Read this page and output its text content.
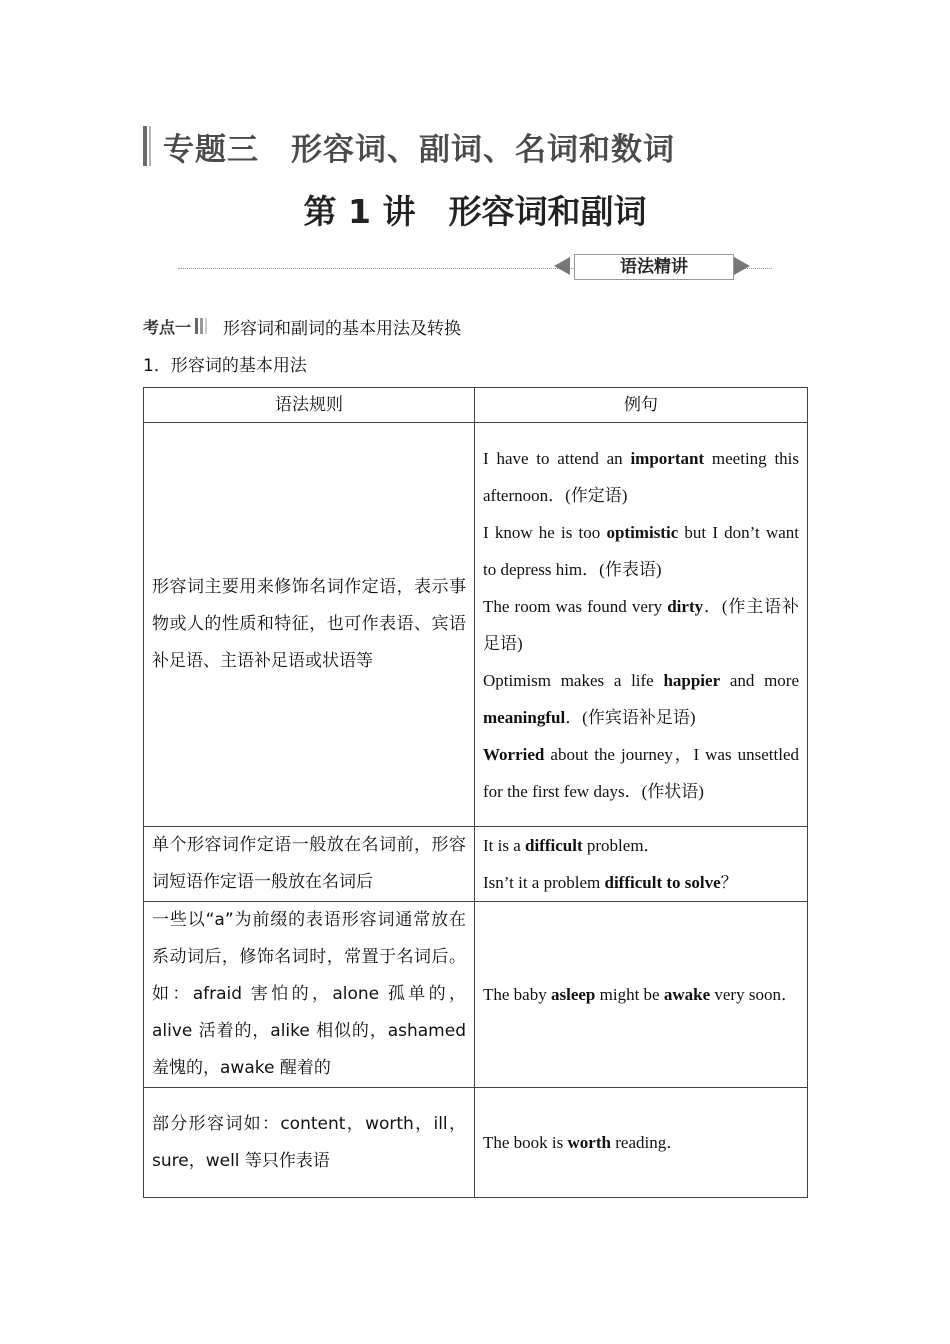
专题三　形容词、副词、名词和数词
第 1 讲　形容词和副词
语法精讲
考点一 形容词和副词的基本用法及转换
1．形容词的基本用法
语法规则	例句
形容词主要用来修饰名词作定语，表示事物或人的性质和特征，也可作表语、宾语补足语、主语补足语或状语等	I have to attend an important meeting this afternoon．(作定语)
I know he is too optimistic but I don’t want to depress him．(作表语)
The room was found very dirty．(作主语补足语)
Optimism makes a life happier and more meaningful．(作宾语补足语)
Worried about the journey，I was unsettled for the first few days．(作状语)

单个形容词作定语一般放在名词前，形容词短语作定语一般放在名词后	It is a difficult problem．
Isn’t it a problem difficult to solve？

一些以“a”为前缀的表语形容词通常放在系动词后，修饰名词时，常置于名词后。如：afraid 害怕的，alone 孤单的，alive 活着的，alike 相似的，ashamed 羞愧的，awake 醒着的	The baby asleep might be awake very soon．

部分形容词如：content，worth，ill，sure，well 等只作表语	The book is worth reading．
